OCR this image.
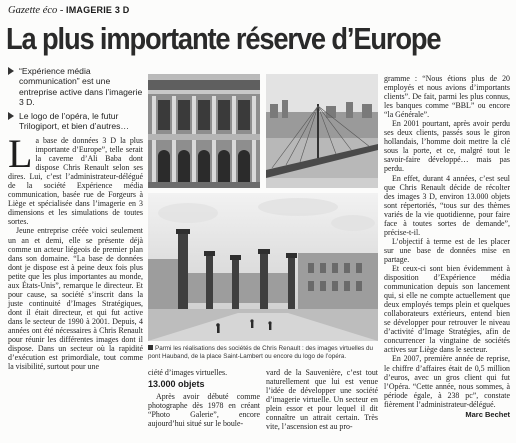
Gazette éco - IMAGERIE 3 D
La plus importante réserve d’Europe
“Expérience média communication” est une entreprise active dans l’imagerie 3 D.
Le logo de l’opéra, le futur Trilogiport, et bien d’autres…

La base de données 3 D la plus importante d’Europe”, telle serait la caverne d’Ali Baba dont dispose Chris Renault selon ses dires. Lui, c’est l’administrateur-délégué de la société Expérience média communication, basée rue de Forgeurs à Liège et spécialisée dans l’imagerie en 3 dimensions et les simulations de toutes sortes.

Jeune entreprise créée voici seulement un an et demi, elle se présente déjà comme un acteur liégeois de premier plan dans son domaine. “La base de données dont je dispose est à peine deux fois plus petite que les plus importantes au monde, aux États-Unis”, remarque le directeur. Et pour cause, sa société s’inscrit dans la juste continuité d’Images Stratégiques, dont il était directeur, et qui fut active dans le secteur de 1990 à 2001. Depuis, 4 années ont été nécessaires à Chris Renault pour réunir les différentes images dont il dispose. Dans un secteur où la rapidité d’exécution est primordiale, tout comme la visibilité, surtout pour une

Parmi les réalisations des sociétés de Chris Renault : des images virtuelles du pont Hauband, de la place Saint-Lambert ou encore du logo de l’opéra.

ciété d’images virtuelles.

13.000 objets

Après avoir débuté comme photographe dès 1978 en créant “Photo Galerie”, encore aujourd’hui situé sur le boule-

vard de la Sauvenière, c’est tout naturellement que lui est venue l’idée de développer une société d’imagerie virtuelle. Un secteur en plein essor et pour lequel il dit connaître un attrait certain. Très vite, l’ascension est au pro-

gramme : “Nous étions plus de 20 employés et nous avions d’importants clients”. De fait, parmi les plus connus, les banques comme “BBL” ou encore “la Générale”.

En 2001 pourtant, après avoir perdu ses deux clients, passés sous le giron hollandais, l’homme doit mettre la clé sous la porte, et ce, malgré tout le savoir-faire développé… mais pas perdu.

En effet, durant 4 années, c’est seul que Chris Renault décide de récolter des images 3 D, environ 13.000 objets sont répertoriés, “tous sur des thèmes variés de la vie quotidienne, pour faire face à toutes sortes de demande”, précise-t-il.

L’objectif à terme est de les placer sur une base de données mise en partage.

Et ceux-ci sont bien évidemment à disposition d’Expérience média communication depuis son lancement qui, si elle ne compte actuellement que deux employés temps plein et quelques collaborateurs extérieurs, entend bien se développer pour retrouver le niveau d’activité d’Image Stratégies, afin de concurrencer la vingtaine de sociétés actives sur Liège dans le secteur.

En 2007, première année de reprise, le chiffre d’affaires était de 0,5 million d’euros, avec un gros client qui fut l’Opéra. “Cette année, nous sommes, à période égale, à 238 pc”, constate fièrement l’administrateur-délégué.

Marc Bechet
